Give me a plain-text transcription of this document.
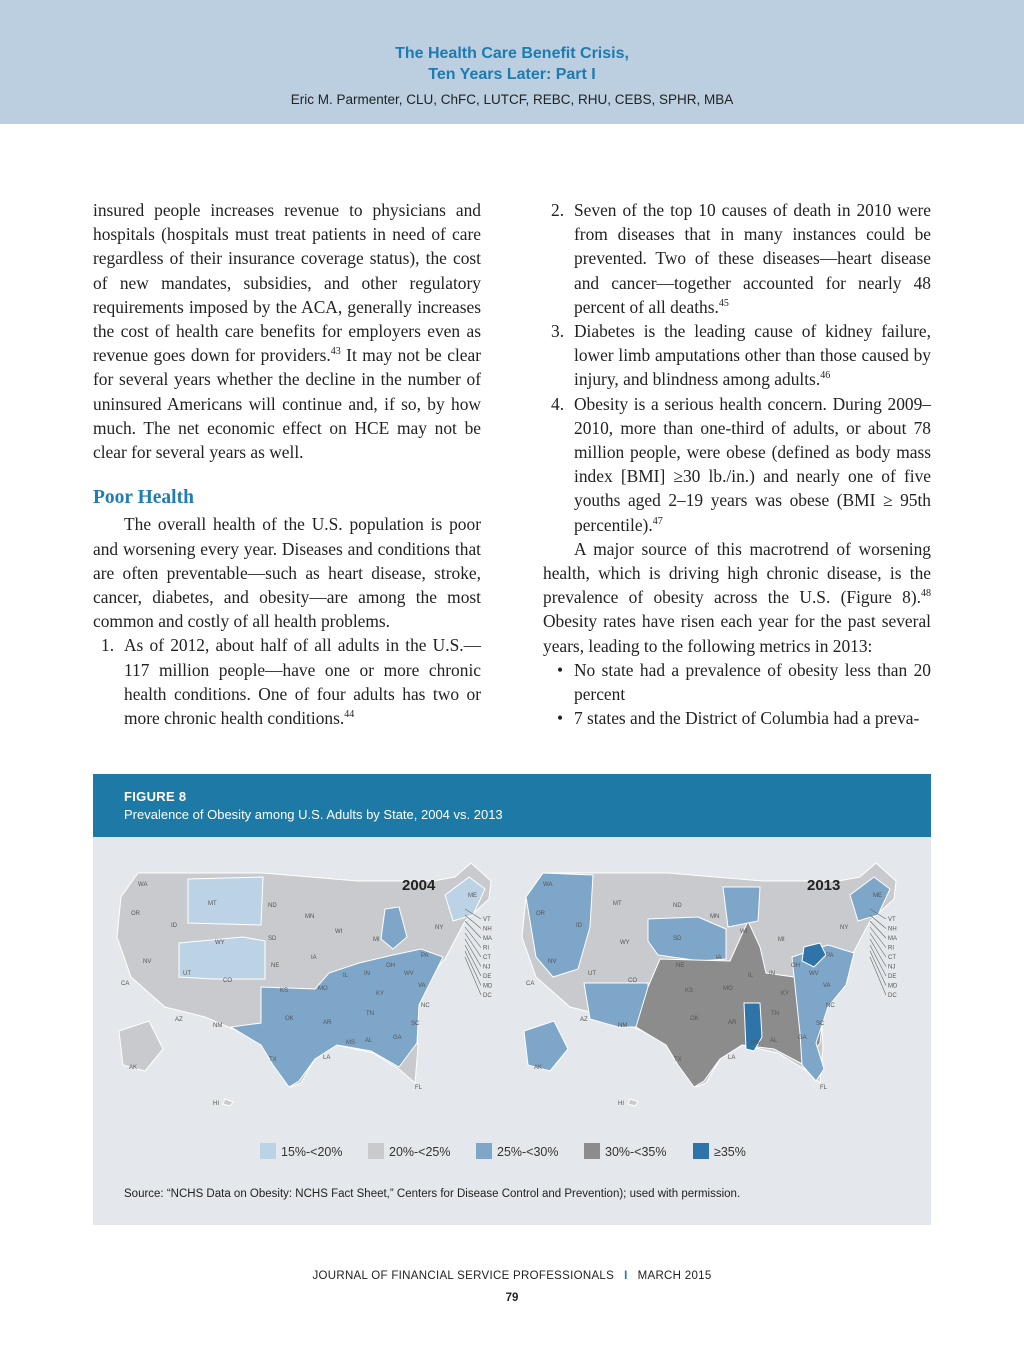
The Health Care Benefit Crisis,
Ten Years Later: Part I
Eric M. Parmenter, CLU, ChFC, LUTCF, REBC, RHU, CEBS, SPHR, MBA

insured people increases revenue to physicians and hospitals (hospitals must treat patients in need of care regardless of their insurance coverage status), the cost of new mandates, subsidies, and other regulatory requirements imposed by the ACA, generally increases the cost of health care benefits for employers even as revenue goes down for providers.$^{43}$ It may not be clear for several years whether the decline in the number of uninsured Americans will continue and, if so, by how much. The net economic effect on HCE may not be clear for several years as well.

Poor Health

The overall health of the U.S. population is poor and worsening every year. Diseases and conditions that are often preventable—such as heart disease, stroke, cancer, diabetes, and obesity—are among the most common and costly of all health problems.

1. As of 2012, about half of all adults in the U.S.—117 million people—have one or more chronic health conditions. One of four adults has two or more chronic health conditions.$^{44}$
2. Seven of the top 10 causes of death in 2010 were from diseases that in many instances could be prevented. Two of these diseases—heart disease and cancer—together accounted for nearly 48 percent of all deaths.$^{45}$
3. Diabetes is the leading cause of kidney failure, lower limb amputations other than those caused by injury, and blindness among adults.$^{46}$
4. Obesity is a serious health concern. During 2009–2010, more than one-third of adults, or about 78 million people, were obese (defined as body mass index [BMI] ≥30 lb./in.) and nearly one of five youths aged 2–19 years was obese (BMI ≥ 95th percentile).$^{47}$

A major source of this macrotrend of worsening health, which is driving high chronic disease, is the prevalence of obesity across the U.S. (Figure 8).$^{48}$ Obesity rates have risen each year for the past several years, leading to the following metrics in 2013:

• No state had a prevalence of obesity less than 20 percent
• 7 states and the District of Columbia had a preva-
FIGURE 8
Prevalence of Obesity among U.S. Adults by State, 2004 vs. 2013
2004
WA
OR
CA
ID
NV
MT
WY
UT
AZ
CO
NM
ND
SD
NE
KS
OK
TX
MN
IA
MO
AR
LA
WI
IL
MI
IN
KY
TN
MS AL	GA
FL
SC
NC
VA
WV
OH
PA
NY
ME
AK
HI
VT
NH
MA
RI
CT
NJ
DE
MD
DC
2013
WA
OR
CA
ID
NV
MT
WY
UT
AZ
CO
NM
ND
SD
NE
KS
OK
TX
MN
IA
MO
AR
LA
WI
IL
MI
IN
KY
TN
MS AL	GA
FL
SC
NC
VA
WV
OH
PA
NY
ME
AK
HI
VT
NH
MA
RI
CT
NJ
DE
MD
DC
15%-<20%	20%-<25%	25%-<30%	30%-<35%	≥35%
Source: “NCHS Data on Obesity: NCHS Fact Sheet,” Centers for Disease Control and Prevention); used with permission.
JOURNAL OF FINANCIAL SERVICE PROFESSIONALS I MARCH 2015
79
